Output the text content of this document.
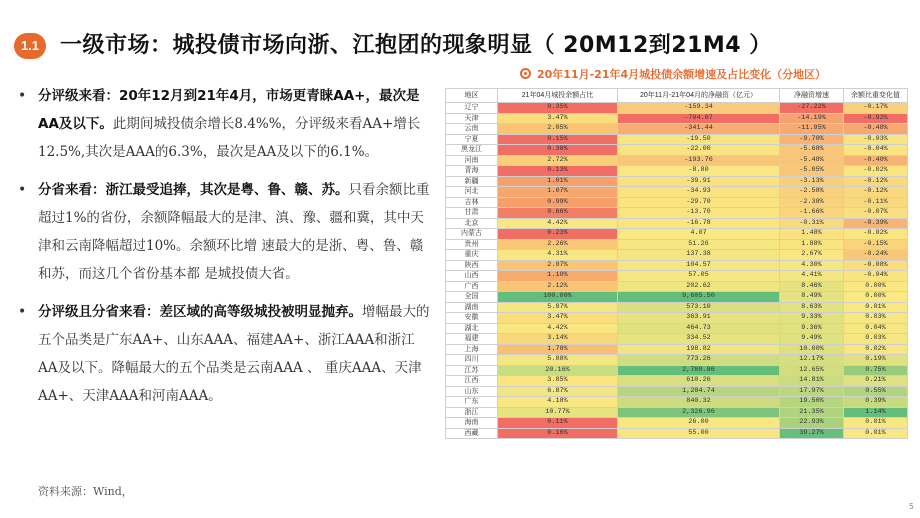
1.1 一级市场：城投债市场向浙、江抱团的现象明显（ 20M12到21M4 ）
• 分评级来看：20年12月到21年4月，市场更青睐AA+，最次是AA及以下。此期间城投债余增长8.4%%，分评级来看AA+增长12.5%,其次是AAA的6.3%，最次是AA及以下的6.1%。
• 分省来看：浙江最受追捧，其次是粤、鲁、赣、苏。只看余额比重超过1%的省份，余额降幅最大的是津、滇、豫、疆和冀，其中天津和云南降幅超过10%。余额环比增 速最大的是浙、粤、鲁、赣和苏，而这几个省份基本都 是城投债大省。
• 分评级且分省来看：差区域的高等级城投被明显抛弃。增幅最大的五个品类是广东AA+、山东AAA、福建AA+、浙江AAA和浙江AA及以下。降幅最大的五个品类是云南AAA 、 重庆AAA、天津AA+、天津AAA和河南AAA。
资料来源：Wind，
20年11月-21年4月城投债余额增速及占比变化（分地区）
地区	21年04月城投余额占比	20年11月-21年04月的净融资（亿元）	净融资增速	余额比重变化值
辽宁	0.35%	-159.34	-27.22%	-0.17%
天津	3.47%	-704.07	-14.19%	-0.92%
云南	2.05%	-341.44	-11.95%	-0.48%
宁夏	0.15%	-19.50	-9.70%	-0.03%
黑龙江	0.30%	-22.00	-5.68%	-0.04%
河南	2.72%	-193.76	-5.48%	-0.40%
青海	0.13%	-8.80	-5.05%	-0.02%
新疆	1.01%	-39.91	-3.13%	-0.12%
河北	1.07%	-34.93	-2.58%	-0.12%
吉林	0.99%	-29.70	-2.38%	-0.11%
甘肃	0.66%	-13.70	-1.66%	-0.07%
北京	4.42%	-16.78	-0.31%	-0.39%
内蒙古	0.23%	4.07	1.48%	-0.02%
贵州	2.26%	51.26	1.88%	-0.15%
重庆	4.31%	137.38	2.67%	-0.24%
陕西	2.07%	104.57	4.30%	-0.08%
山西	1.10%	57.05	4.41%	-0.04%
广西	2.12%	202.62	8.46%	0.00%
全国	100.00%	9,605.50	8.49%	0.00%
湖南	5.87%	573.10	8.63%	0.01%
安徽	3.47%	363.91	9.33%	0.03%
湖北	4.42%	464.73	9.36%	0.04%
福建	3.14%	334.52	9.49%	0.03%
上海	1.78%	198.82	10.00%	0.02%
四川	5.88%	773.26	12.17%	0.19%
江苏	20.16%	2,780.86	12.65%	0.75%
江西	3.85%	610.26	14.81%	0.21%
山东	6.87%	1,284.74	17.97%	0.55%
广东	4.18%	840.32	19.56%	0.39%
浙江	10.77%	2,326.96	21.35%	1.14%
海南	0.11%	26.00	22.93%	0.01%
西藏	0.16%	55.00	39.27%	0.01%
5
